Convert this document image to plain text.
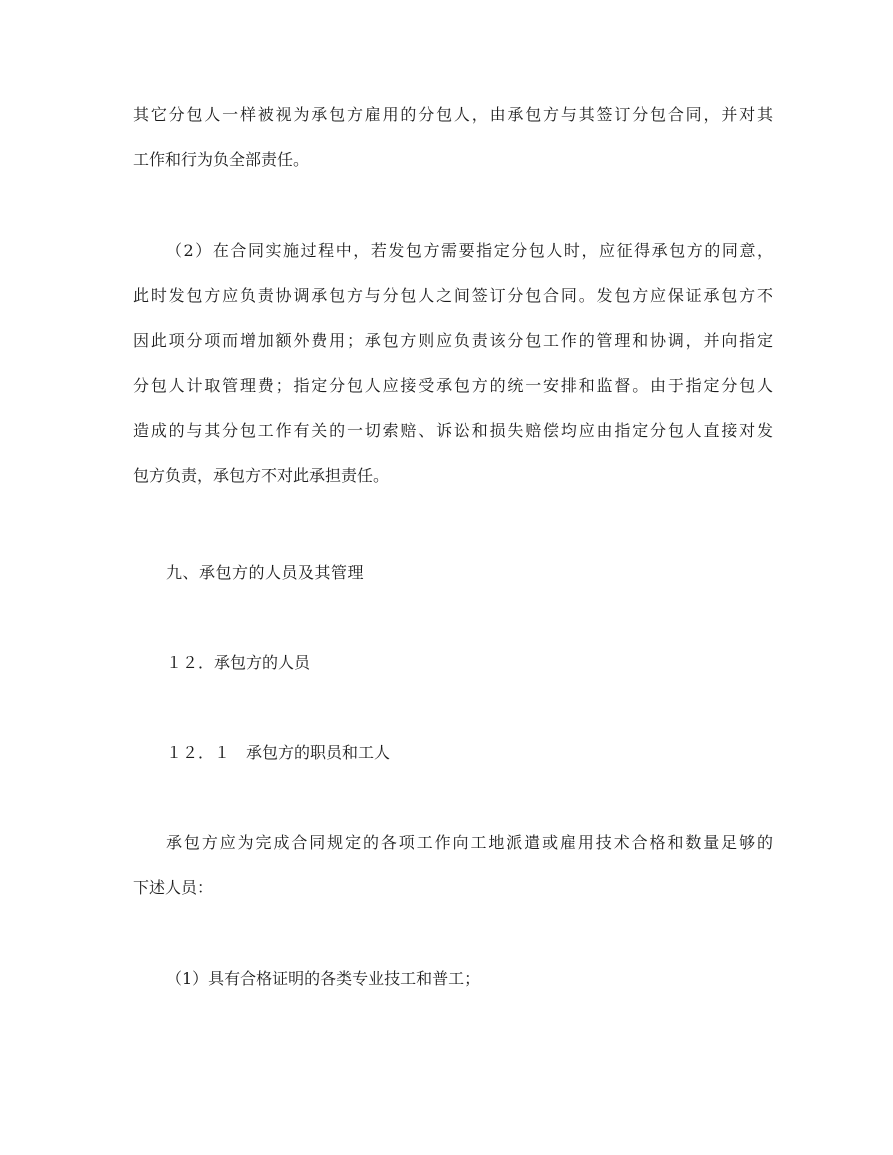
其它分包人一样被视为承包方雇用的分包人，由承包方与其签订分包合同，并对其
工作和行为负全部责任。
（2）在合同实施过程中，若发包方需要指定分包人时，应征得承包方的同意，
此时发包方应负责协调承包方与分包人之间签订分包合同。发包方应保证承包方不
因此项分项而增加额外费用；承包方则应负责该分包工作的管理和协调，并向指定
分包人计取管理费；指定分包人应接受承包方的统一安排和监督。由于指定分包人
造成的与其分包工作有关的一切索赔、诉讼和损失赔偿均应由指定分包人直接对发
包方负责，承包方不对此承担责任。
九、承包方的人员及其管理
１２．承包方的人员
１２．１　承包方的职员和工人
承包方应为完成合同规定的各项工作向工地派遣或雇用技术合格和数量足够的
下述人员：
（1）具有合格证明的各类专业技工和普工；
